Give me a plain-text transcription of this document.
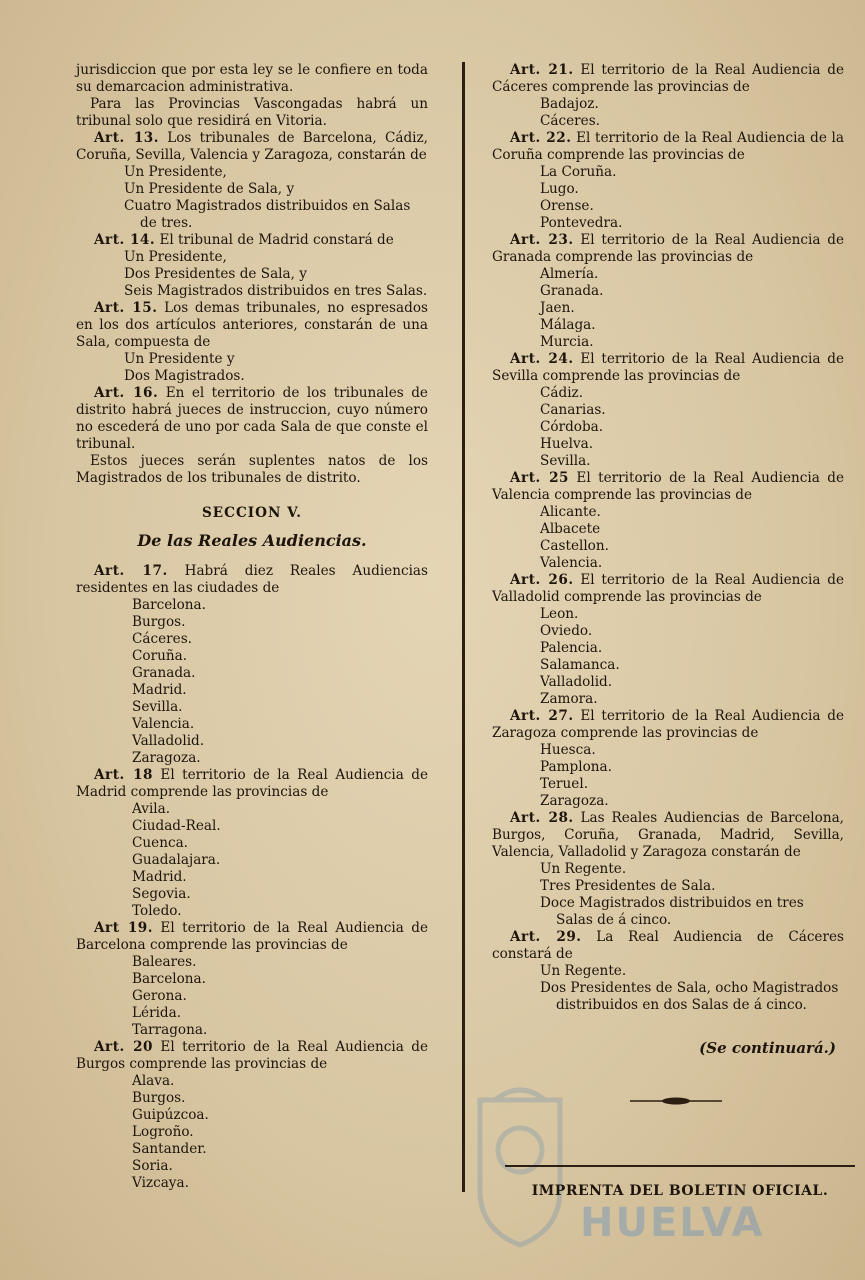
HUELVA

jurisdiccion que por esta ley se le confiere en toda su demarcacion administrativa.

Para las Provincias Vascongadas habrá un tribunal solo que residirá en Vitoria.

Art. 13. Los tribunales de Barcelona, Cádiz, Coruña, Sevilla, Valencia y Zaragoza, constarán de

Un Presidente,
Un Presidente de Sala, y
Cuatro Magistrados distribuidos en Salas de tres.

Art. 14. El tribunal de Madrid constará de

Un Presidente,
Dos Presidentes de Sala, y
Seis Magistrados distribuidos en tres Salas.

Art. 15. Los demas tribunales, no espresados en los dos artículos anteriores, constarán de una Sala, compuesta de

Un Presidente y
Dos Magistrados.

Art. 16. En el territorio de los tribunales de distrito habrá jueces de instruccion, cuyo número no escederá de uno por cada Sala de que conste el tribunal.

Estos jueces serán suplentes natos de los Magistrados de los tribunales de distrito.

SECCION V.

De las Reales Audiencias.

Art. 17. Habrá diez Reales Audiencias residentes en las ciudades de

Barcelona.
Burgos.
Cáceres.
Coruña.
Granada.
Madrid.
Sevilla.
Valencia.
Valladolid.
Zaragoza.

Art. 18 El territorio de la Real Audiencia de Madrid comprende las provincias de

Avila.
Ciudad-Real.
Cuenca.
Guadalajara.
Madrid.
Segovia.
Toledo.

Art 19. El territorio de la Real Audiencia de Barcelona comprende las provincias de

Baleares.
Barcelona.
Gerona.
Lérida.
Tarragona.

Art. 20 El territorio de la Real Audiencia de Burgos comprende las provincias de

Alava.
Burgos.
Guipúzcoa.
Logroño.
Santander.
Soria.
Vizcaya.

Art. 21. El territorio de la Real Audiencia de Cáceres comprende las provincias de

Badajoz.
Cáceres.

Art. 22. El territorio de la Real Audiencia de la Coruña comprende las provincias de

La Coruña.
Lugo.
Orense.
Pontevedra.

Art. 23. El territorio de la Real Audiencia de Granada comprende las provincias de

Almería.
Granada.
Jaen.
Málaga.
Murcia.

Art. 24. El territorio de la Real Audiencia de Sevilla comprende las provincias de

Cádiz.
Canarias.
Córdoba.
Huelva.
Sevilla.

Art. 25 El territorio de la Real Audiencia de Valencia comprende las provincias de

Alicante.
Albacete
Castellon.
Valencia.

Art. 26. El territorio de la Real Audiencia de Valladolid comprende las provincias de

Leon.
Oviedo.
Palencia.
Salamanca.
Valladolid.
Zamora.

Art. 27. El territorio de la Real Audiencia de Zaragoza comprende las provincias de

Huesca.
Pamplona.
Teruel.
Zaragoza.

Art. 28. Las Reales Audiencias de Barcelona, Burgos, Coruña, Granada, Madrid, Sevilla, Valencia, Valladolid y Zaragoza constarán de

Un Regente.
Tres Presidentes de Sala.
Doce Magistrados distribuidos en tres Salas de á cinco.

Art. 29. La Real Audiencia de Cáceres constará de

Un Regente.
Dos Presidentes de Sala, ocho Magistrados distribuidos en dos Salas de á cinco.

(Se continuará.)

IMPRENTA DEL BOLETIN OFICIAL.
